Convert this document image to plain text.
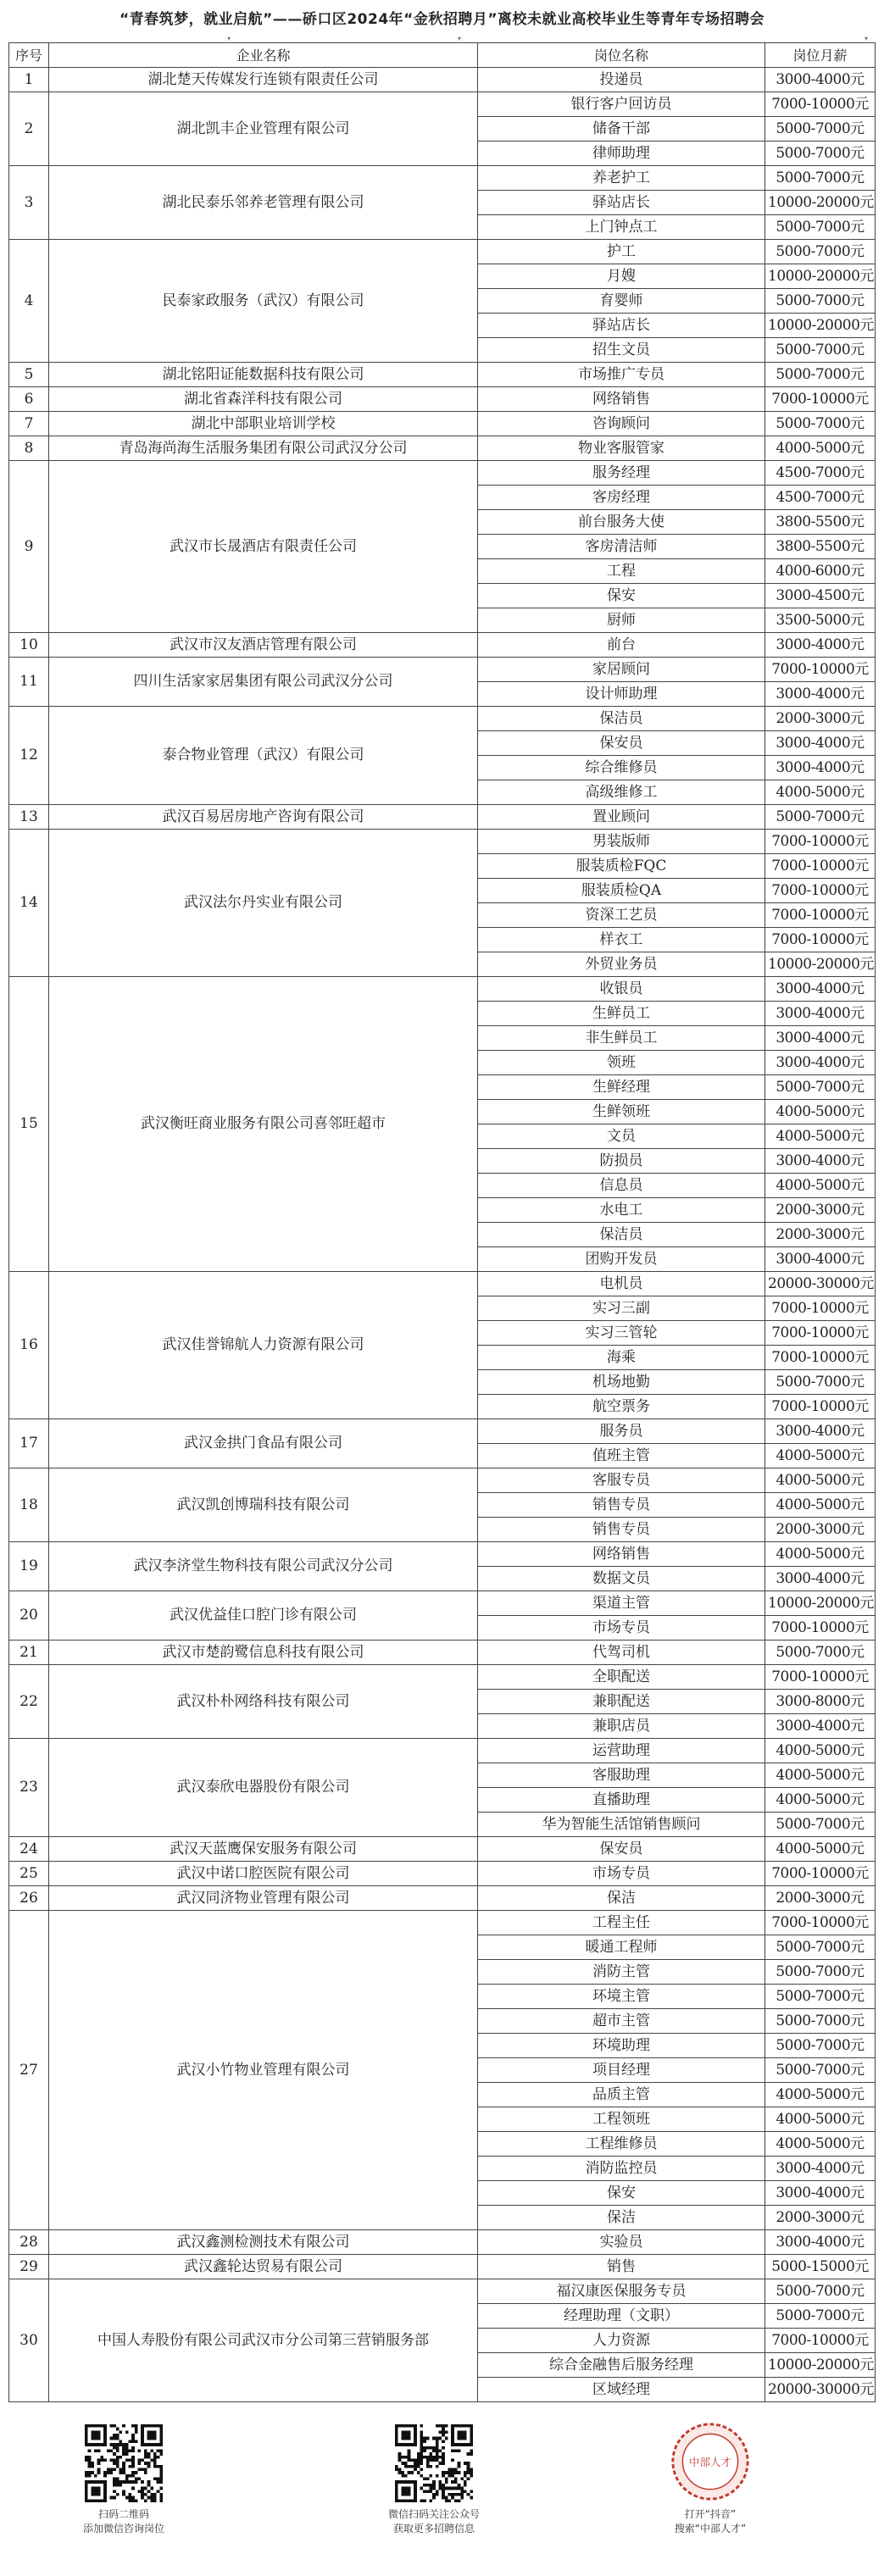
“青春筑梦，就业启航”——硚口区2024年“金秋招聘月”离校未就业高校毕业生等青年专场招聘会
▾	▾	▾
序号	企业名称	岗位名称	岗位月薪
1	湖北楚天传媒发行连锁有限责任公司	投递员	3000-4000元
2	湖北凯丰企业管理有限公司	银行客户回访员	7000-10000元
		储备干部	5000-7000元
		律师助理	5000-7000元
3	湖北民泰乐邻养老管理有限公司	养老护工	5000-7000元
		驿站店长	10000-20000元
		上门钟点工	5000-7000元
4	民泰家政服务（武汉）有限公司	护工	5000-7000元
		月嫂	10000-20000元
		育婴师	5000-7000元
		驿站店长	10000-20000元
		招生文员	5000-7000元
5	湖北铭阳证能数据科技有限公司	市场推广专员	5000-7000元
6	湖北省森洋科技有限公司	网络销售	7000-10000元
7	湖北中部职业培训学校	咨询顾问	5000-7000元
8	青岛海尚海生活服务集团有限公司武汉分公司	物业客服管家	4000-5000元
9	武汉市长晟酒店有限责任公司	服务经理	4500-7000元
		客房经理	4500-7000元
		前台服务大使	3800-5500元
		客房清洁师	3800-5500元
		工程	4000-6000元
		保安	3000-4500元
		厨师	3500-5000元
10	武汉市汉友酒店管理有限公司	前台	3000-4000元
11	四川生活家家居集团有限公司武汉分公司	家居顾问	7000-10000元
		设计师助理	3000-4000元
12	泰合物业管理（武汉）有限公司	保洁员	2000-3000元
		保安员	3000-4000元
		综合维修员	3000-4000元
		高级维修工	4000-5000元
13	武汉百易居房地产咨询有限公司	置业顾问	5000-7000元
14	武汉法尔丹实业有限公司	男装版师	7000-10000元
		服装质检FQC	7000-10000元
		服装质检QA	7000-10000元
		资深工艺员	7000-10000元
		样衣工	7000-10000元
		外贸业务员	10000-20000元
15	武汉衡旺商业服务有限公司喜邻旺超市	收银员	3000-4000元
		生鲜员工	3000-4000元
		非生鲜员工	3000-4000元
		领班	3000-4000元
		生鲜经理	5000-7000元
		生鲜领班	4000-5000元
		文员	4000-5000元
		防损员	3000-4000元
		信息员	4000-5000元
		水电工	2000-3000元
		保洁员	2000-3000元
		团购开发员	3000-4000元
16	武汉佳誉锦航人力资源有限公司	电机员	20000-30000元
		实习三副	7000-10000元
		实习三管轮	7000-10000元
		海乘	7000-10000元
		机场地勤	5000-7000元
		航空票务	7000-10000元
17	武汉金拱门食品有限公司	服务员	3000-4000元
		值班主管	4000-5000元
18	武汉凯创博瑞科技有限公司	客服专员	4000-5000元
		销售专员	4000-5000元
		销售专员	2000-3000元
19	武汉李济堂生物科技有限公司武汉分公司	网络销售	4000-5000元
		数据文员	3000-4000元
20	武汉优益佳口腔门诊有限公司	渠道主管	10000-20000元
		市场专员	7000-10000元
21	武汉市楚韵鹭信息科技有限公司	代驾司机	5000-7000元
22	武汉朴朴网络科技有限公司	全职配送	7000-10000元
		兼职配送	3000-8000元
		兼职店员	3000-4000元
23	武汉泰欣电器股份有限公司	运营助理	4000-5000元
		客服助理	4000-5000元
		直播助理	4000-5000元
		华为智能生活馆销售顾问	5000-7000元
24	武汉天蓝鹰保安服务有限公司	保安员	4000-5000元
25	武汉中诺口腔医院有限公司	市场专员	7000-10000元
26	武汉同济物业管理有限公司	保洁	2000-3000元
27	武汉小竹物业管理有限公司	工程主任	7000-10000元
		暖通工程师	5000-7000元
		消防主管	5000-7000元
		环境主管	5000-7000元
		超市主管	5000-7000元
		环境助理	5000-7000元
		项目经理	5000-7000元
		品质主管	4000-5000元
		工程领班	4000-5000元
		工程维修员	4000-5000元
		消防监控员	3000-4000元
		保安	3000-4000元
		保洁	2000-3000元
28	武汉鑫测检测技术有限公司	实验员	3000-4000元
29	武汉鑫轮达贸易有限公司	销售	5000-15000元
30	中国人寿股份有限公司武汉市分公司第三营销服务部	福汉康医保服务专员	5000-7000元
		经理助理（文职）	5000-7000元
		人力资源	7000-10000元
		综合金融售后服务经理	10000-20000元
		区域经理	20000-30000元
扫码二维码
添加微信咨询岗位
微信扫码关注公众号
获取更多招聘信息
中部人才
打开“抖音”
搜索“中部人才”
